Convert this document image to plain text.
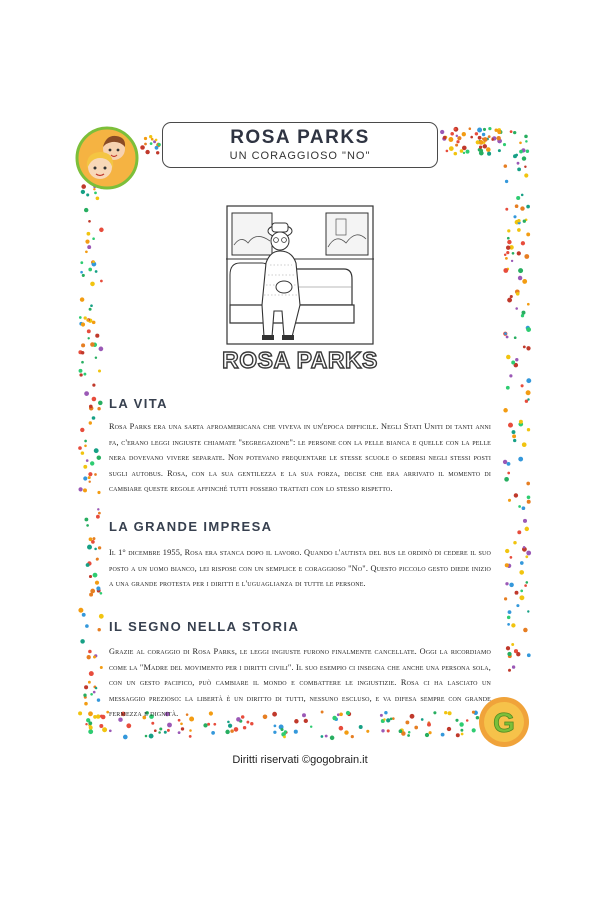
ROSA PARKS
UN CORAGGIOSO "NO"
ROSA PARKS
LA VITA
Rosa Parks era una sarta afroamericana che viveva in un'epoca difficile. Negli Stati Uniti di tanti anni fa, c'erano leggi ingiuste chiamate "segregazione": le persone con la pelle bianca e quelle con la pelle nera dovevano vivere separate. Non potevano frequentare le stesse scuole o sedersi negli stessi posti sugli autobus. Rosa, con la sua gentilezza e la sua forza, decise che era arrivato il momento di cambiare queste regole affinché tutti fossero trattati con lo stesso rispetto.
LA GRANDE IMPRESA
Il 1° dicembre 1955, Rosa era stanca dopo il lavoro. Quando l'autista del bus le ordinò di cedere il suo posto a un uomo bianco, lei rispose con un semplice e coraggioso "No". Questo piccolo gesto diede inizio a una grande protesta per i diritti e l'uguaglianza di tutte le persone.
IL SEGNO NELLA STORIA
Grazie al coraggio di Rosa Parks, le leggi ingiuste furono finalmente cancellate. Oggi la ricordiamo come la "Madre del movimento per i diritti civili". Il suo esempio ci insegna che anche una persona sola, con un gesto pacifico, può cambiare il mondo e combattere le ingiustizie. Rosa ci ha lasciato un messaggio prezioso: la libertà è un diritto di tutti, nessuno escluso, e va difesa sempre con grande fermezza e dignità.	G
Diritti riservati ©gogobrain.it
